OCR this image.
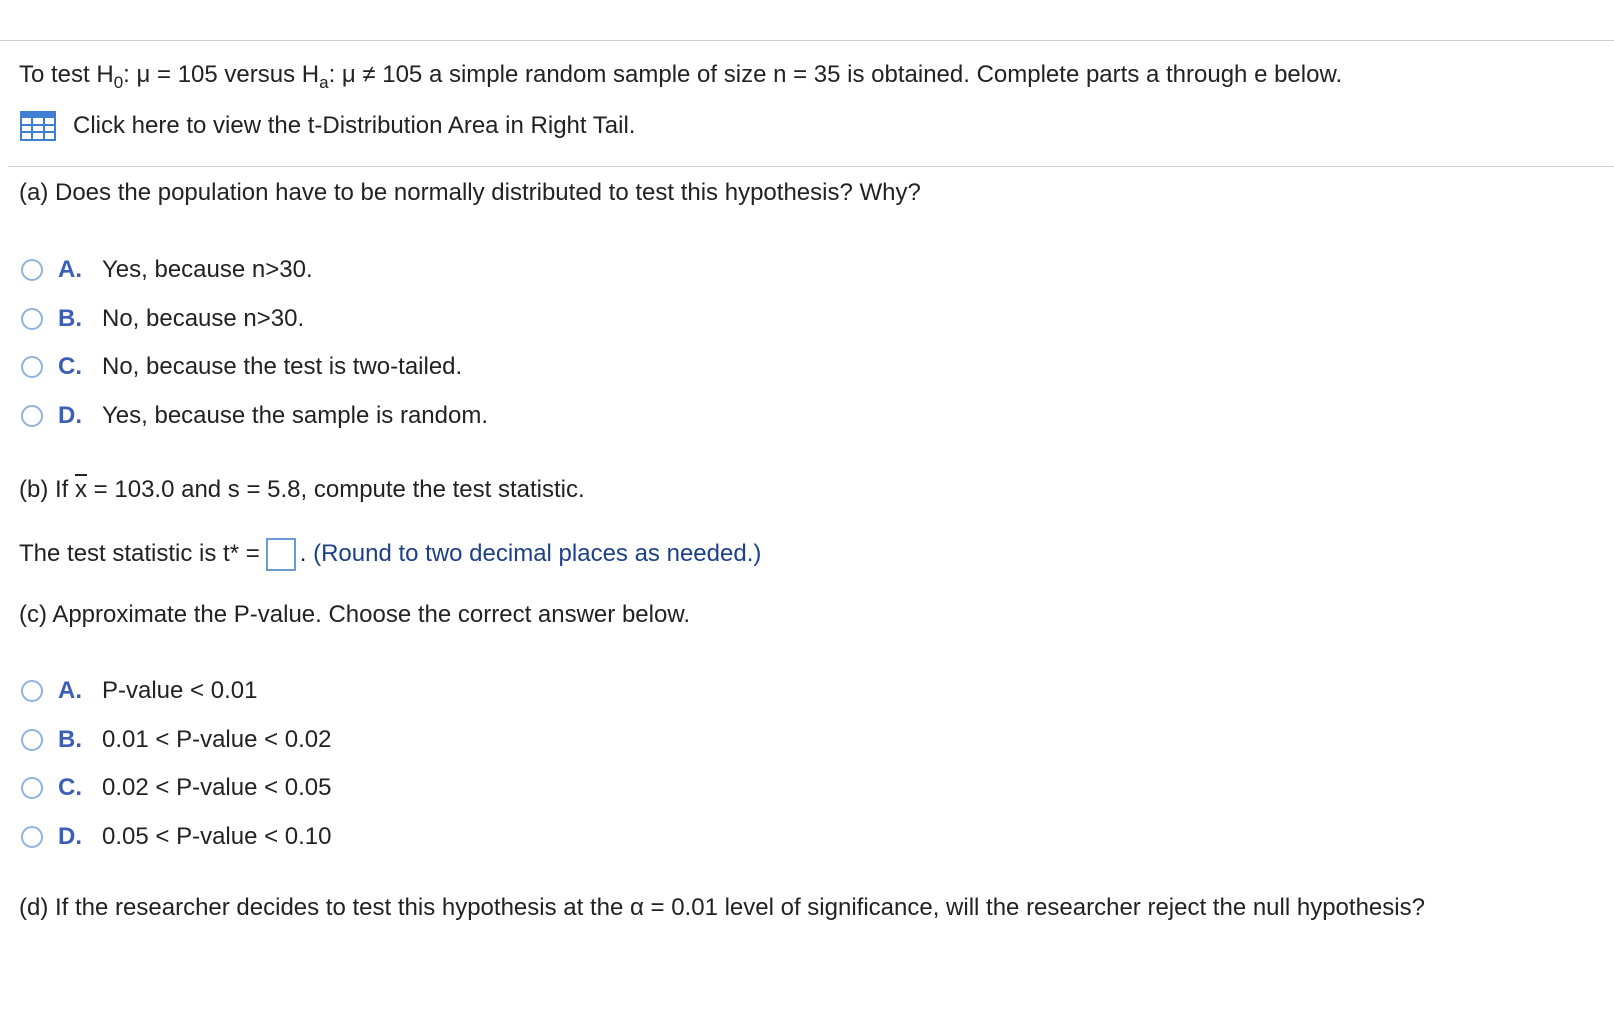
To test $H_0$: μ = 105 versus $H_a$: μ ≠ 105 a simple random sample of size n = 35 is obtained. Complete parts a through e below.
Click here to view the t-Distribution Area in Right Tail.
(a) Does the population have to be normally distributed to test this hypothesis? Why?
A. Yes, because n>30.
B. No, because n>30.
C. No, because the test is two-tailed.
D. Yes, because the sample is random.
(b) If $\overline{x} = 103.0$ and s = 5.8, compute the test statistic.
The test statistic is t* = . (Round to two decimal places as needed.)
(c) Approximate the P-value. Choose the correct answer below.
A. P-value < 0.01
B. 0.01 < P-value < 0.02
C. 0.02 < P-value < 0.05
D. 0.05 < P-value < 0.10
(d) If the researcher decides to test this hypothesis at the α = 0.01 level of significance, will the researcher reject the null hypothesis?
